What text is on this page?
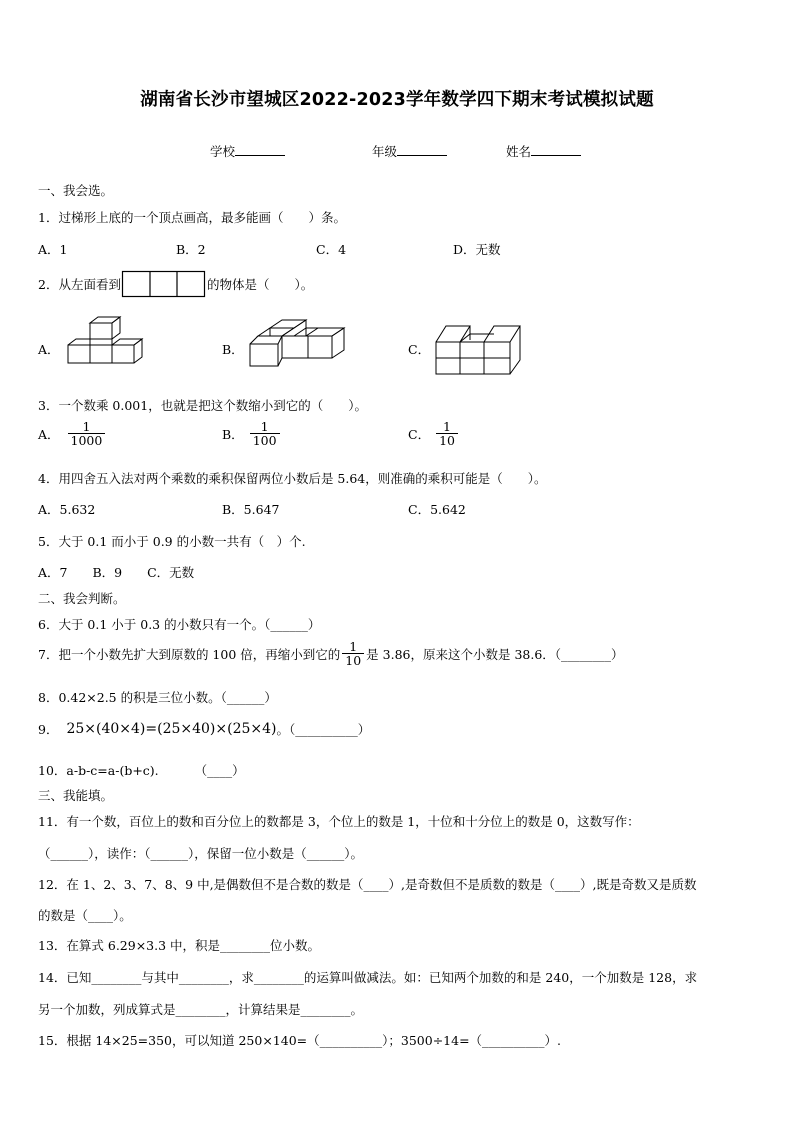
湖南省长沙市望城区2022-2023学年数学四下期末考试模拟试题
学校	年级	姓名
一、我会选。
1．过梯形上底的一个顶点画高，最多能画（　　）条。
A．1	B．2	C．4	D．无数
2．从左面看到	的物体是（　　）。
A．	B．	C．
3．一个数乘 0.001，也就是把这个数缩小到它的（　　）。
A． $\frac{1}{1000}$	B． $\frac{1}{100}$	C． $\frac{1}{10}$
4．用四舍五入法对两个乘数的乘积保留两位小数后是 5.64，则准确的乘积可能是（　　）。
A．5.632	B．5.647	C．5.642
5．大于 0.1 而小于 0.9 的小数一共有（　）个.
A．7　　B．9　　C．无数
二、我会判断。
6．大于 0.1 小于 0.3 的小数只有一个。（______）
7．把一个小数先扩大到原数的 100 倍，再缩小到它的 $\frac{1}{10}$ 是 3.86，原来这个小数是 38.6．（________）
8．0.42×2.5 的积是三位小数。（______）
9． 25×(40×4)=(25×40)×(25×4) 。（__________）
10．a-b-c=a-(b+c).	（____）
三、我能填。
11．有一个数，百位上的数和百分位上的数都是 3，个位上的数是 1，十位和十分位上的数是 0，这数写作：
（______），读作：（______），保留一位小数是（______）。
12．在 1、2、3、7、8、9 中,是偶数但不是合数的数是（____）,是奇数但不是质数的数是（____）,既是奇数又是质数
的数是（____）。
13．在算式 6.29×3.3 中，积是________位小数。
14．已知________与其中________，求________的运算叫做减法。如：已知两个加数的和是 240，一个加数是 128，求
另一个加数，列成算式是________，计算结果是________。
15．根据 14×25=350，可以知道 250×140=（__________）；3500÷14=（__________）.
